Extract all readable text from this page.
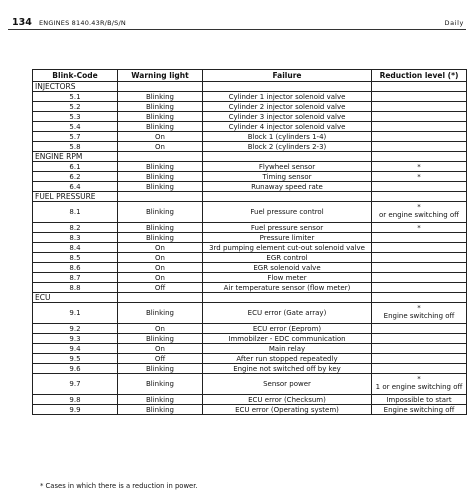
134 ENGINES 8140.43R/B/S/N	Daily
Blink-Code	Warning light	Failure	Reduction level (*)
INJECTORS			
5.1	Blinking	Cylinder 1 injector solenoid valve	
5.2	Blinking	Cylinder 2 injector solenoid valve	
5.3	Blinking	Cylinder 3 injector solenoid valve	
5.4	Blinking	Cylinder 4 injector solenoid valve	
5.7	On	Block 1 (cylinders 1-4)	
5.8	On	Block 2 (cylinders 2-3)	
ENGINE RPM			
6.1	Blinking	Flywheel sensor	*
6.2	Blinking	Timing sensor	*
6.4	Blinking	Runaway speed rate	
FUEL PRESSURE			
8.1	Blinking	Fuel pressure control	*
or engine switching off
8.2	Blinking	Fuel pressure sensor	*
8.3	Blinking	Pressure limiter	
8.4	On	3rd pumping element cut-out solenoid valve	
8.5	On	EGR control	
8.6	On	EGR solenoid valve	
8.7	On	Flow meter	
8.8	Off	Air temperature sensor (flow meter)	
ECU			
9.1	Blinking	ECU error (Gate array)	*
Engine switching off
9.2	On	ECU error (Eeprom)	
9.3	Blinking	Immobilzer - EDC communication	
9.4	On	Main relay	
9.5	Off	After run stopped repeatedly	
9.6	Blinking	Engine not switched off by key	
9.7	Blinking	Sensor power	*
1 or engine switching off
9.8	Blinking	ECU error (Checksum)	Impossible to start
9.9	Blinking	ECU error (Operating system)	Engine switching off
* Cases in which there is a reduction in power.
